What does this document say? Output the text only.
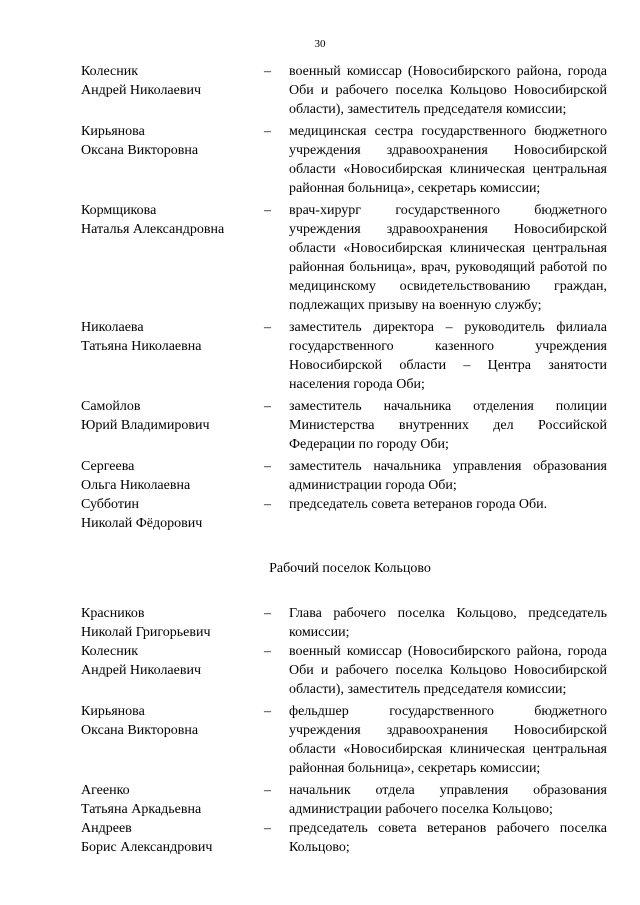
30
Колесник
Андрей Николаевич
–	военный комиссар (Новосибирского района, города Оби и рабочего поселка Кольцово Новосибирской области), заместитель председателя комиссии;
Кирьянова
Оксана Викторовна
–	медицинская сестра государственного бюджетного учреждения здравоохранения Новосибирской области «Новосибирская клиническая центральная районная больница», секретарь комиссии;
Кормщикова
Наталья Александровна
–	врач-хирург государственного бюджетного учреждения здравоохранения Новосибирской области «Новосибирская клиническая центральная районная больница», врач, руководящий работой по медицинскому освидетельствованию граждан, подлежащих призыву на военную службу;
Николаева
Татьяна Николаевна
–	заместитель директора – руководитель филиала государственного казенного учреждения Новосибирской области – Центра занятости населения города Оби;
Самойлов
Юрий Владимирович
–	заместитель начальника отделения полиции Министерства внутренних дел Российской Федерации по городу Оби;
Сергеева
Ольга Николаевна
–	заместитель начальника управления образования администрации города Оби;
Субботин
Николай Фёдорович
–	председатель совета ветеранов города Оби.
Рабочий поселок Кольцово
Красников
Николай Григорьевич
–	Глава рабочего поселка Кольцово, председатель комиссии;
Колесник
Андрей Николаевич
–	военный комиссар (Новосибирского района, города Оби и рабочего поселка Кольцово Новосибирской области), заместитель председателя комиссии;
Кирьянова
Оксана Викторовна
–	фельдшер государственного бюджетного учреждения здравоохранения Новосибирской области «Новосибирская клиническая центральная районная больница», секретарь комиссии;
Агеенко
Татьяна Аркадьевна
–	начальник отдела управления образования администрации рабочего поселка Кольцово;
Андреев
Борис Александрович
–	председатель совета ветеранов рабочего поселка Кольцово;
